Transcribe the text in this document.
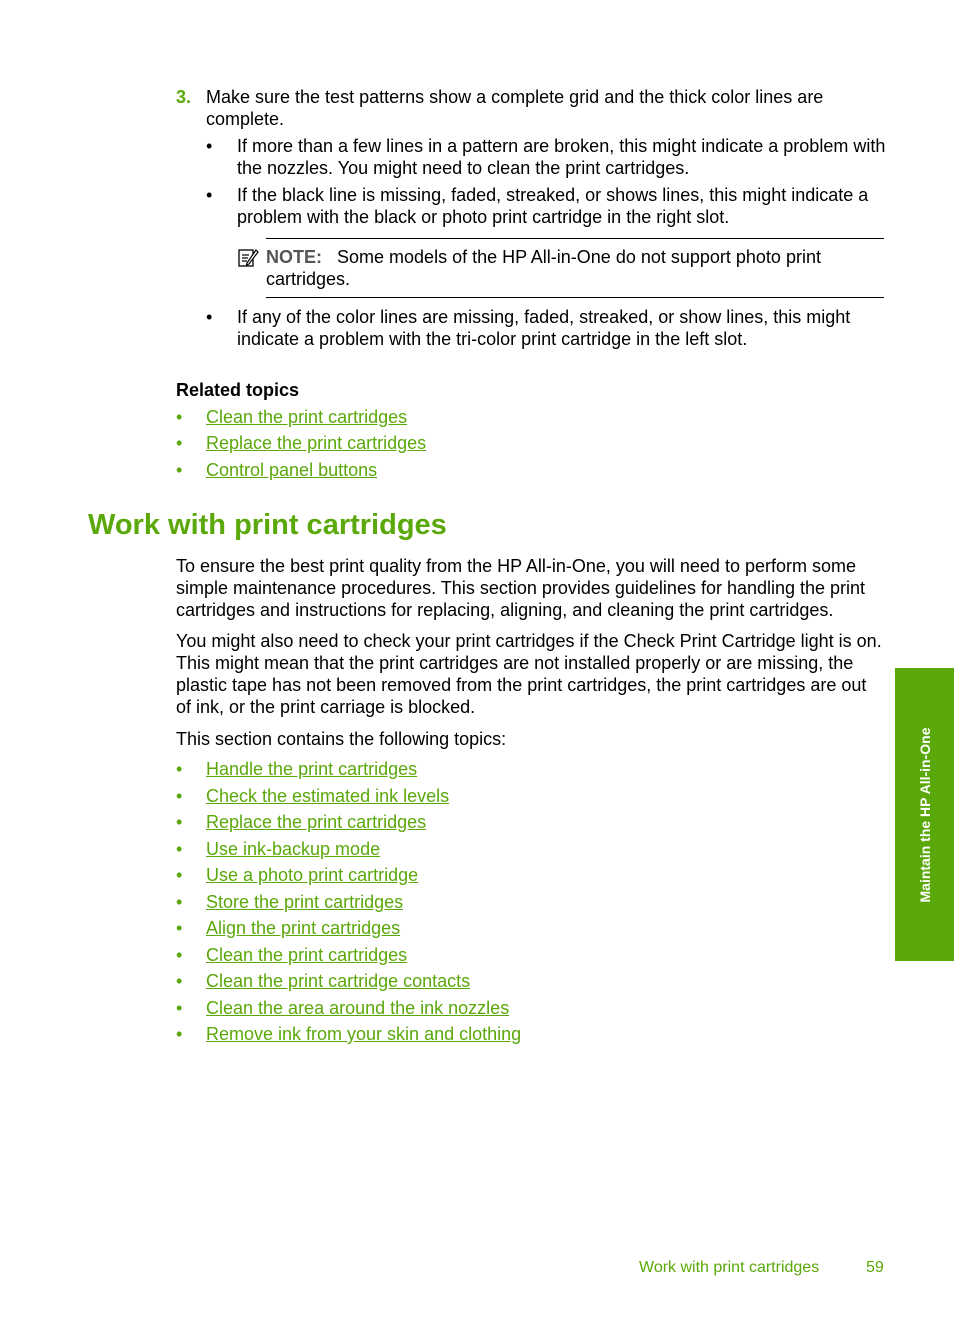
3. Make sure the test patterns show a complete grid and the thick color lines are
complete.
• If more than a few lines in a pattern are broken, this might indicate a problem with
the nozzles. You might need to clean the print cartridges.
• If the black line is missing, faded, streaked, or shows lines, this might indicate a
problem with the black or photo print cartridge in the right slot.
NOTE: Some models of the HP All-in-One do not support photo print
cartridges.
• If any of the color lines are missing, faded, streaked, or show lines, this might
indicate a problem with the tri-color print cartridge in the left slot.
Related topics
• Clean the print cartridges
• Replace the print cartridges
• Control panel buttons
Work with print cartridges
To ensure the best print quality from the HP All-in-One, you will need to perform some
simple maintenance procedures. This section provides guidelines for handling the print
cartridges and instructions for replacing, aligning, and cleaning the print cartridges.
You might also need to check your print cartridges if the Check Print Cartridge light is on.
This might mean that the print cartridges are not installed properly or are missing, the
plastic tape has not been removed from the print cartridges, the print cartridges are out
of ink, or the print carriage is blocked.
This section contains the following topics:
• Handle the print cartridges
• Check the estimated ink levels
• Replace the print cartridges
• Use ink-backup mode
• Use a photo print cartridge
• Store the print cartridges
• Align the print cartridges
• Clean the print cartridges
• Clean the print cartridge contacts
• Clean the area around the ink nozzles
• Remove ink from your skin and clothing
Maintain the HP All-in-One
Work with print cartridges	59
